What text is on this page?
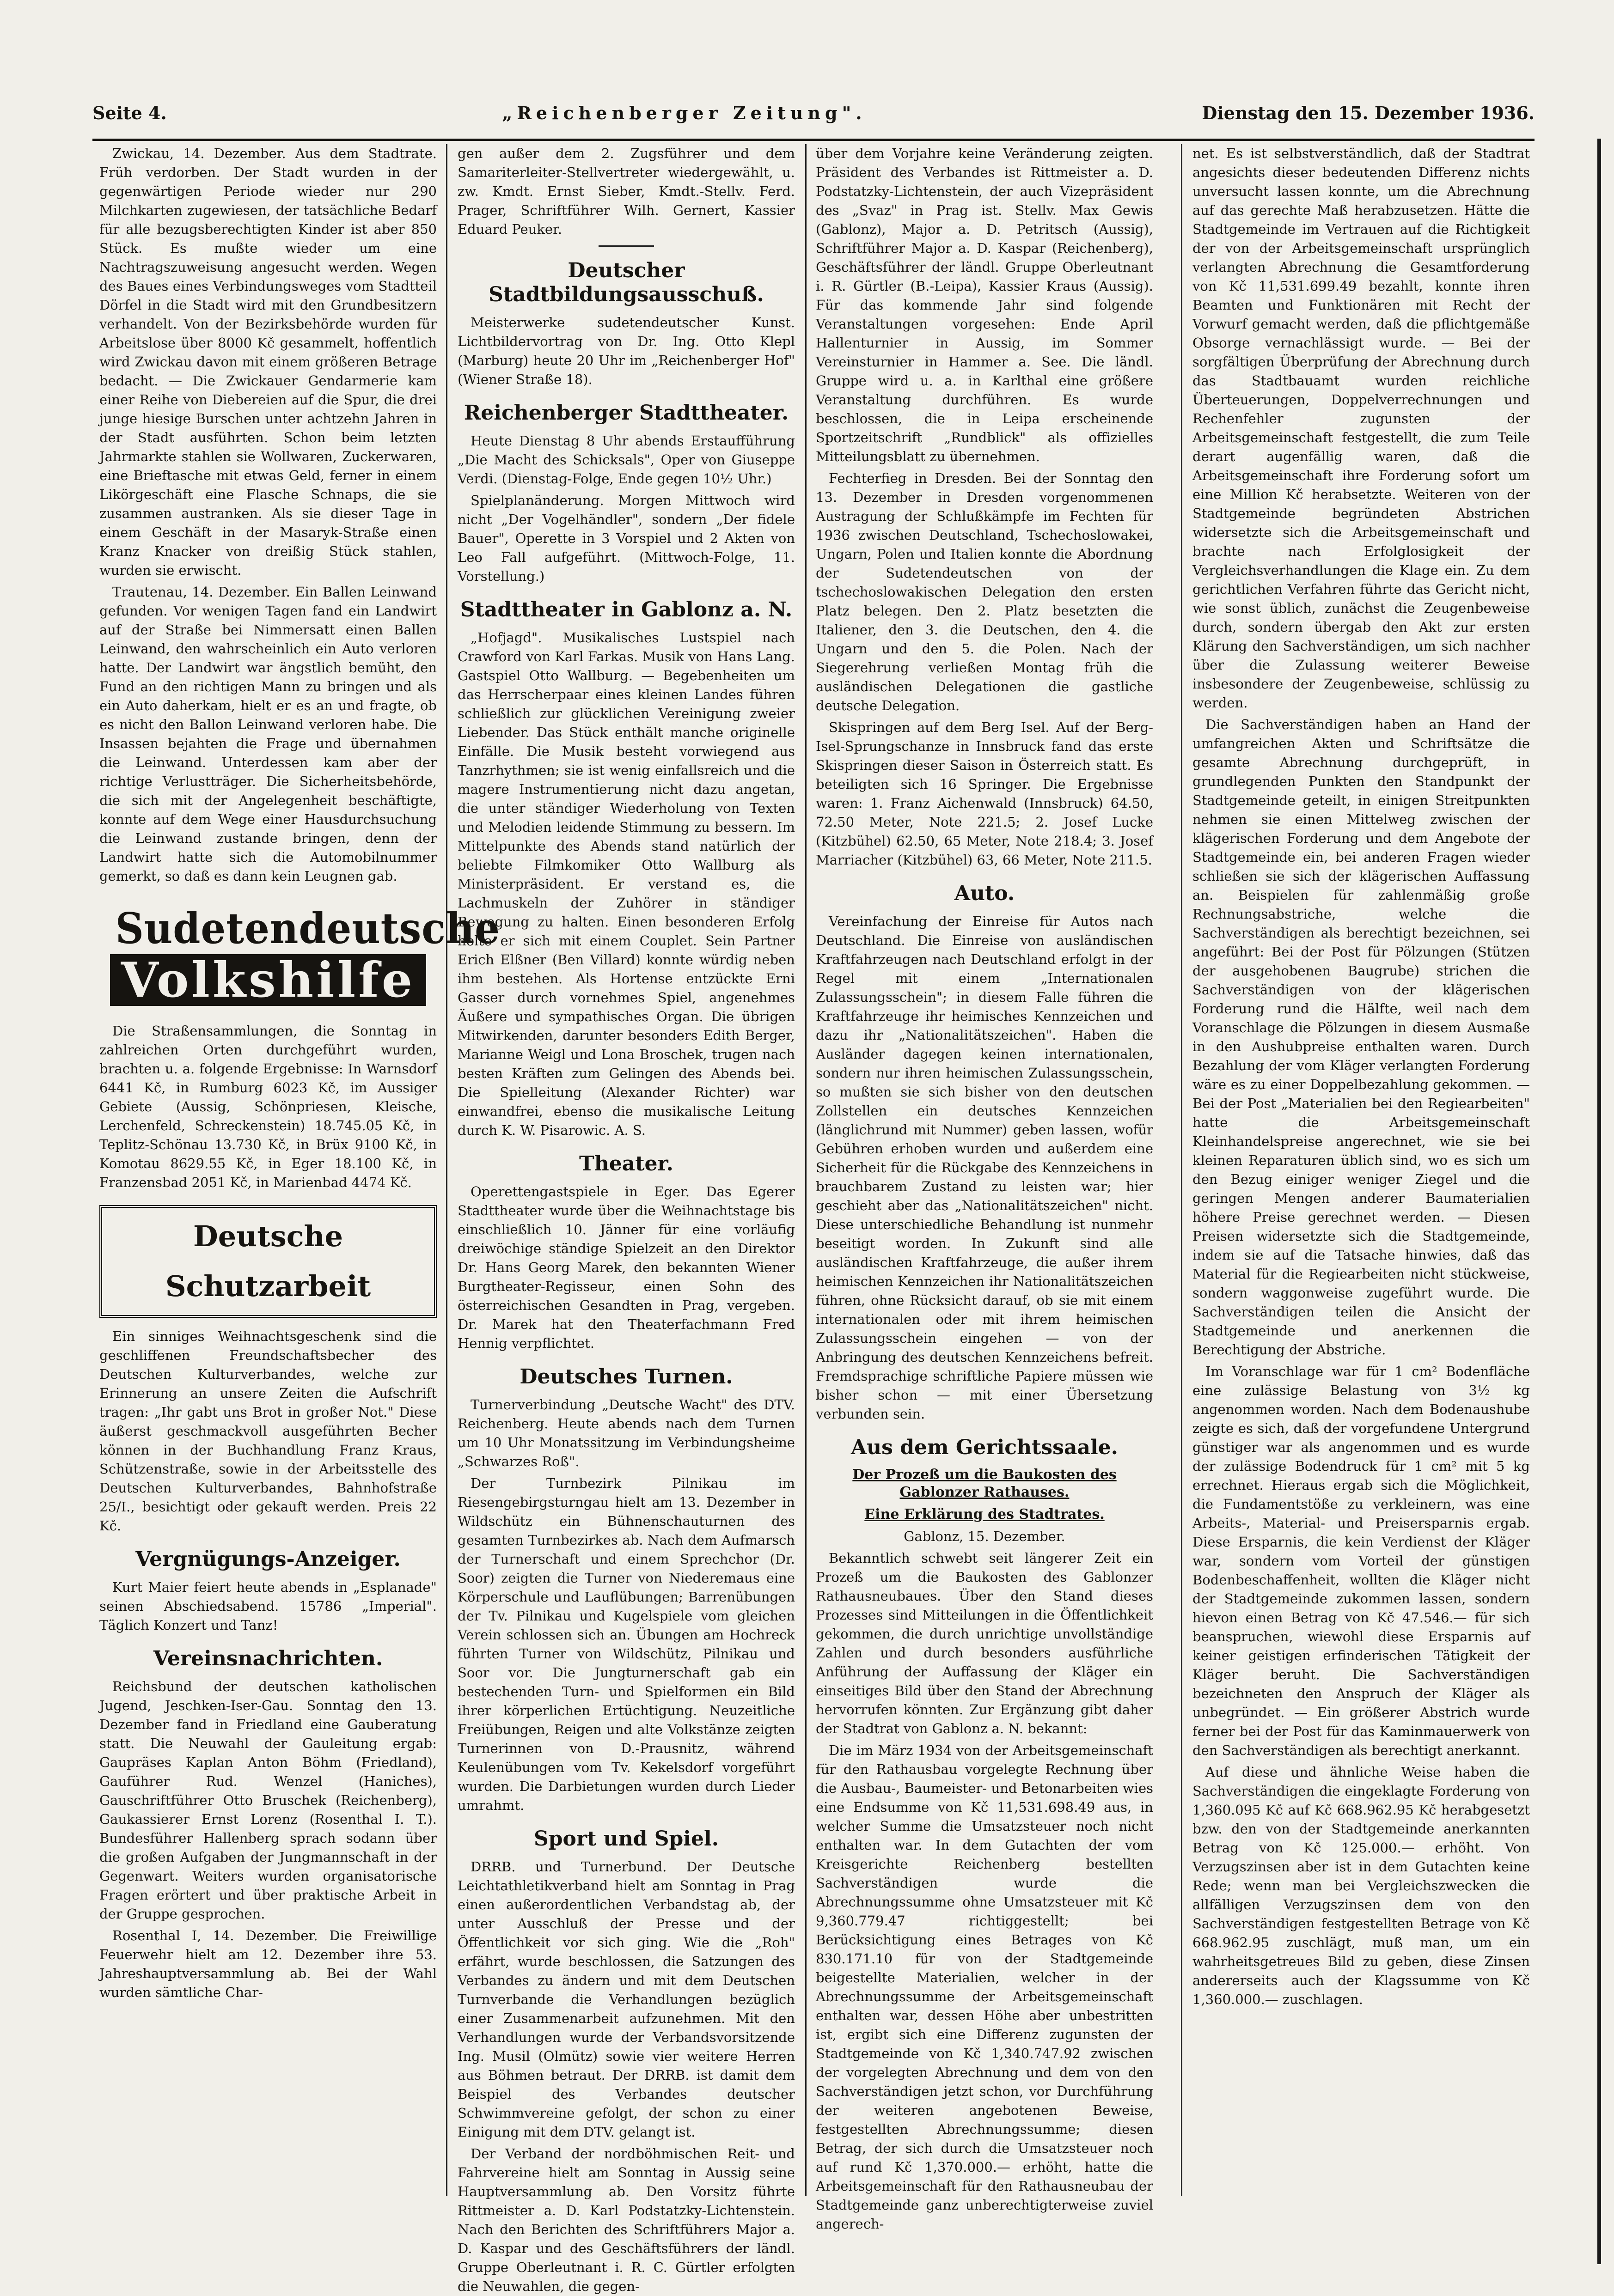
Seite 4.	„Reichenberger Zeitung".	Dienstag den 15. Dezember 1936.

Zwickau, 14. Dezember. Aus dem Stadtrate. Früh verdorben. Der Stadt wurden in der gegenwärtigen Periode wieder nur 290 Milchkarten zugewiesen, der tatsächliche Bedarf für alle bezugsberechtigten Kinder ist aber 850 Stück. Es mußte wieder um eine Nachtragszuweisung angesucht werden. Wegen des Baues eines Verbindungsweges vom Stadtteil Dörfel in die Stadt wird mit den Grundbesitzern verhandelt. Von der Bezirksbehörde wurden für Arbeitslose über 8000 Kč gesammelt, hoffentlich wird Zwickau davon mit einem größeren Betrage bedacht. — Die Zwickauer Gendarmerie kam einer Reihe von Diebereien auf die Spur, die drei junge hiesige Burschen unter achtzehn Jahren in der Stadt ausführten. Schon beim letzten Jahrmarkte stahlen sie Wollwaren, Zuckerwaren, eine Brieftasche mit etwas Geld, ferner in einem Likörgeschäft eine Flasche Schnaps, die sie zusammen austranken. Als sie dieser Tage in einem Geschäft in der Masaryk-Straße einen Kranz Knacker von dreißig Stück stahlen, wurden sie erwischt.

Trautenau, 14. Dezember. Ein Ballen Leinwand gefunden. Vor wenigen Tagen fand ein Landwirt auf der Straße bei Nimmersatt einen Ballen Leinwand, den wahrscheinlich ein Auto verloren hatte. Der Landwirt war ängstlich bemüht, den Fund an den richtigen Mann zu bringen und als ein Auto daherkam, hielt er es an und fragte, ob es nicht den Ballon Leinwand verloren habe. Die Insassen bejahten die Frage und übernahmen die Leinwand. Unterdessen kam aber der richtige Verlustträger. Die Sicherheitsbehörde, die sich mit der Angelegenheit beschäftigte, konnte auf dem Wege einer Hausdurchsuchung die Leinwand zustande bringen, denn der Landwirt hatte sich die Automobilnummer gemerkt, so daß es dann kein Leugnen gab.

Sudetendeutsche
Volkshilfe

Die Straßensammlungen, die Sonntag in zahlreichen Orten durchgeführt wurden, brachten u. a. folgende Ergebnisse: In Warnsdorf 6441 Kč, in Rumburg 6023 Kč, im Aussiger Gebiete (Aussig, Schönpriesen, Kleische, Lerchenfeld, Schreckenstein) 18.745.05 Kč, in Teplitz-Schönau 13.730 Kč, in Brüx 9100 Kč, in Komotau 8629.55 Kč, in Eger 18.100 Kč, in Franzensbad 2051 Kč, in Marienbad 4474 Kč.

Deutsche Schutzarbeit

Ein sinniges Weihnachtsgeschenk sind die geschliffenen Freundschaftsbecher des Deutschen Kulturverbandes, welche zur Erinnerung an unsere Zeiten die Aufschrift tragen: „Ihr gabt uns Brot in großer Not." Diese äußerst geschmackvoll ausgeführten Becher können in der Buchhandlung Franz Kraus, Schützenstraße, sowie in der Arbeitsstelle des Deutschen Kulturverbandes, Bahnhofstraße 25/I., besichtigt oder gekauft werden. Preis 22 Kč.

Vergnügungs-Anzeiger.

Kurt Maier feiert heute abends in „Esplanade" seinen Abschiedsabend. 15786 „Imperial". Täglich Konzert und Tanz!

Vereinsnachrichten.

Reichsbund der deutschen katholischen Jugend, Jeschken-Iser-Gau. Sonntag den 13. Dezember fand in Friedland eine Gauberatung statt. Die Neuwahl der Gauleitung ergab: Gaupräses Kaplan Anton Böhm (Friedland), Gauführer Rud. Wenzel (Haniches), Gauschriftführer Otto Bruschek (Reichenberg), Gaukassierer Ernst Lorenz (Rosenthal I. T.). Bundesführer Hallenberg sprach sodann über die großen Aufgaben der Jungmannschaft in der Gegenwart. Weiters wurden organisatorische Fragen erörtert und über praktische Arbeit in der Gruppe gesprochen.

Rosenthal I, 14. Dezember. Die Freiwillige Feuerwehr hielt am 12. Dezember ihre 53. Jahreshauptversammlung ab. Bei der Wahl wurden sämtliche Char-

gen außer dem 2. Zugsführer und dem Samariterleiter-Stellvertreter wiedergewählt, u. zw. Kmdt. Ernst Sieber, Kmdt.-Stellv. Ferd. Prager, Schriftführer Wilh. Gernert, Kassier Eduard Peuker.

Deutscher Stadtbildungsausschuß.

Meisterwerke sudetendeutscher Kunst. Lichtbildervortrag von Dr. Ing. Otto Klepl (Marburg) heute 20 Uhr im „Reichenberger Hof" (Wiener Straße 18).

Reichenberger Stadttheater.

Heute Dienstag 8 Uhr abends Erstaufführung „Die Macht des Schicksals", Oper von Giuseppe Verdi. (Dienstag-Folge, Ende gegen 10½ Uhr.)

Spielplanänderung. Morgen Mittwoch wird nicht „Der Vogelhändler", sondern „Der fidele Bauer", Operette in 3 Vorspiel und 2 Akten von Leo Fall aufgeführt. (Mittwoch-Folge, 11. Vorstellung.)

Stadttheater in Gablonz a. N.

„Hofjagd". Musikalisches Lustspiel nach Crawford von Karl Farkas. Musik von Hans Lang. Gastspiel Otto Wallburg. — Begebenheiten um das Herrscherpaar eines kleinen Landes führen schließlich zur glücklichen Vereinigung zweier Liebender. Das Stück enthält manche originelle Einfälle. Die Musik besteht vorwiegend aus Tanzrhythmen; sie ist wenig einfallsreich und die magere Instrumentierung nicht dazu angetan, die unter ständiger Wiederholung von Texten und Melodien leidende Stimmung zu bessern. Im Mittelpunkte des Abends stand natürlich der beliebte Filmkomiker Otto Wallburg als Ministerpräsident. Er verstand es, die Lachmuskeln der Zuhörer in ständiger Bewegung zu halten. Einen besonderen Erfolg holte er sich mit einem Couplet. Sein Partner Erich Elßner (Ben Villard) konnte würdig neben ihm bestehen. Als Hortense entzückte Erni Gasser durch vornehmes Spiel, angenehmes Äußere und sympathisches Organ. Die übrigen Mitwirkenden, darunter besonders Edith Berger, Marianne Weigl und Lona Broschek, trugen nach besten Kräften zum Gelingen des Abends bei. Die Spielleitung (Alexander Richter) war einwandfrei, ebenso die musikalische Leitung durch K. W. Pisarowic. A. S.

Theater.

Operettengastspiele in Eger. Das Egerer Stadttheater wurde über die Weihnachtstage bis einschließlich 10. Jänner für eine vorläufig dreiwöchige ständige Spielzeit an den Direktor Dr. Hans Georg Marek, den bekannten Wiener Burgtheater-Regisseur, einen Sohn des österreichischen Gesandten in Prag, vergeben. Dr. Marek hat den Theaterfachmann Fred Hennig verpflichtet.

Deutsches Turnen.

Turnerverbindung „Deutsche Wacht" des DTV. Reichenberg. Heute abends nach dem Turnen um 10 Uhr Monatssitzung im Verbindungsheime „Schwarzes Roß".

Der Turnbezirk Pilnikau im Riesengebirgsturngau hielt am 13. Dezember in Wildschütz ein Bühnenschauturnen des gesamten Turnbezirkes ab. Nach dem Aufmarsch der Turnerschaft und einem Sprechchor (Dr. Soor) zeigten die Turner von Niederemaus eine Körperschule und Lauflübungen; Barrenübungen der Tv. Pilnikau und Kugelspiele vom gleichen Verein schlossen sich an. Übungen am Hochreck führten Turner von Wildschütz, Pilnikau und Soor vor. Die Jungturnerschaft gab ein bestechenden Turn- und Spielformen ein Bild ihrer körperlichen Ertüchtigung. Neuzeitliche Freiübungen, Reigen und alte Volkstänze zeigten Turnerinnen von D.-Prausnitz, während Keulenübungen vom Tv. Kekelsdorf vorgeführt wurden. Die Darbietungen wurden durch Lieder umrahmt.

Sport und Spiel.

DRRB. und Turnerbund. Der Deutsche Leichtathletikverband hielt am Sonntag in Prag einen außerordentlichen Verbandstag ab, der unter Ausschluß der Presse und der Öffentlichkeit vor sich ging. Wie die „Roh" erfährt, wurde beschlossen, die Satzungen des Verbandes zu ändern und mit dem Deutschen Turnverbande die Verhandlungen bezüglich einer Zusammenarbeit aufzunehmen. Mit den Verhandlungen wurde der Verbandsvorsitzende Ing. Musil (Olmütz) sowie vier weitere Herren aus Böhmen betraut. Der DRRB. ist damit dem Beispiel des Verbandes deutscher Schwimmvereine gefolgt, der schon zu einer Einigung mit dem DTV. gelangt ist.

Der Verband der nordböhmischen Reit- und Fahrvereine hielt am Sonntag in Aussig seine Hauptversammlung ab. Den Vorsitz führte Rittmeister a. D. Karl Podstatzky-Lichtenstein. Nach den Berichten des Schriftführers Major a. D. Kaspar und des Geschäftsführers der ländl. Gruppe Oberleutnant i. R. C. Gürtler erfolgten die Neuwahlen, die gegen-

über dem Vorjahre keine Veränderung zeigten. Präsident des Verbandes ist Rittmeister a. D. Podstatzky-Lichtenstein, der auch Vizepräsident des „Svaz" in Prag ist. Stellv. Max Gewis (Gablonz), Major a. D. Petritsch (Aussig), Schriftführer Major a. D. Kaspar (Reichenberg), Geschäftsführer der ländl. Gruppe Oberleutnant i. R. Gürtler (B.-Leipa), Kassier Kraus (Aussig). Für das kommende Jahr sind folgende Veranstaltungen vorgesehen: Ende April Hallenturnier in Aussig, im Sommer Vereinsturnier in Hammer a. See. Die ländl. Gruppe wird u. a. in Karlthal eine größere Veranstaltung durchführen. Es wurde beschlossen, die in Leipa erscheinende Sportzeitschrift „Rundblick" als offizielles Mitteilungsblatt zu übernehmen.

Fechterfieg in Dresden. Bei der Sonntag den 13. Dezember in Dresden vorgenommenen Austragung der Schlußkämpfe im Fechten für 1936 zwischen Deutschland, Tschechoslowakei, Ungarn, Polen und Italien konnte die Abordnung der Sudetendeutschen von der tschechoslowakischen Delegation den ersten Platz belegen. Den 2. Platz besetzten die Italiener, den 3. die Deutschen, den 4. die Ungarn und den 5. die Polen. Nach der Siegerehrung verließen Montag früh die ausländischen Delegationen die gastliche deutsche Delegation.

Skispringen auf dem Berg Isel. Auf der Berg-Isel-Sprungschanze in Innsbruck fand das erste Skispringen dieser Saison in Österreich statt. Es beteiligten sich 16 Springer. Die Ergebnisse waren: 1. Franz Aichenwald (Innsbruck) 64.50, 72.50 Meter, Note 221.5; 2. Josef Lucke (Kitzbühel) 62.50, 65 Meter, Note 218.4; 3. Josef Marriacher (Kitzbühel) 63, 66 Meter, Note 211.5.

Auto.

Vereinfachung der Einreise für Autos nach Deutschland. Die Einreise von ausländischen Kraftfahrzeugen nach Deutschland erfolgt in der Regel mit einem „Internationalen Zulassungsschein"; in diesem Falle führen die Kraftfahrzeuge ihr heimisches Kennzeichen und dazu ihr „Nationalitätszeichen". Haben die Ausländer dagegen keinen internationalen, sondern nur ihren heimischen Zulassungsschein, so mußten sie sich bisher von den deutschen Zollstellen ein deutsches Kennzeichen (länglichrund mit Nummer) geben lassen, wofür Gebühren erhoben wurden und außerdem eine Sicherheit für die Rückgabe des Kennzeichens in brauchbarem Zustand zu leisten war; hier geschieht aber das „Nationalitätszeichen" nicht. Diese unterschiedliche Behandlung ist nunmehr beseitigt worden. In Zukunft sind alle ausländischen Kraftfahrzeuge, die außer ihrem heimischen Kennzeichen ihr Nationalitätszeichen führen, ohne Rücksicht darauf, ob sie mit einem internationalen oder mit ihrem heimischen Zulassungsschein eingehen — von der Anbringung des deutschen Kennzeichens befreit. Fremdsprachige schriftliche Papiere müssen wie bisher schon — mit einer Übersetzung verbunden sein.

Aus dem Gerichtssaale.
Der Prozeß um die Baukosten des Gablonzer Rathauses.
Eine Erklärung des Stadtrates.

Gablonz, 15. Dezember.

Bekanntlich schwebt seit längerer Zeit ein Prozeß um die Baukosten des Gablonzer Rathausneubaues. Über den Stand dieses Prozesses sind Mitteilungen in die Öffentlichkeit gekommen, die durch unrichtige unvollständige Zahlen und durch besonders ausführliche Anführung der Auffassung der Kläger ein einseitiges Bild über den Stand der Abrechnung hervorrufen könnten. Zur Ergänzung gibt daher der Stadtrat von Gablonz a. N. bekannt:

Die im März 1934 von der Arbeitsgemeinschaft für den Rathausbau vorgelegte Rechnung über die Ausbau-, Baumeister- und Betonarbeiten wies eine Endsumme von Kč 11,531.698.49 aus, in welcher Summe die Umsatzsteuer noch nicht enthalten war. In dem Gutachten der vom Kreisgerichte Reichenberg bestellten Sachverständigen wurde die Abrechnungssumme ohne Umsatzsteuer mit Kč 9,360.779.47 richtiggestellt; bei Berücksichtigung eines Betrages von Kč 830.171.10 für von der Stadtgemeinde beigestellte Materialien, welcher in der Abrechnungssumme der Arbeitsgemeinschaft enthalten war, dessen Höhe aber unbestritten ist, ergibt sich eine Differenz zugunsten der Stadtgemeinde von Kč 1,340.747.92 zwischen der vorgelegten Abrechnung und dem von den Sachverständigen jetzt schon, vor Durchführung der weiteren angebotenen Beweise, festgestellten Abrechnungssumme; diesen Betrag, der sich durch die Umsatzsteuer noch auf rund Kč 1,370.000.— erhöht, hatte die Arbeitsgemeinschaft für den Rathausneubau der Stadtgemeinde ganz unberechtigterweise zuviel angerech-

net. Es ist selbstverständlich, daß der Stadtrat angesichts dieser bedeutenden Differenz nichts unversucht lassen konnte, um die Abrechnung auf das gerechte Maß herabzusetzen. Hätte die Stadtgemeinde im Vertrauen auf die Richtigkeit der von der Arbeitsgemeinschaft ursprünglich verlangten Abrechnung die Gesamtforderung von Kč 11,531.699.49 bezahlt, konnte ihren Beamten und Funktionären mit Recht der Vorwurf gemacht werden, daß die pflichtgemäße Obsorge vernachlässigt wurde. — Bei der sorgfältigen Überprüfung der Abrechnung durch das Stadtbauamt wurden reichliche Überteuerungen, Doppelverrechnungen und Rechenfehler zugunsten der Arbeitsgemeinschaft festgestellt, die zum Teile derart augenfällig waren, daß die Arbeitsgemeinschaft ihre Forderung sofort um eine Million Kč herabsetzte. Weiteren von der Stadtgemeinde begründeten Abstrichen widersetzte sich die Arbeitsgemeinschaft und brachte nach Erfolglosigkeit der Vergleichsverhandlungen die Klage ein. Zu dem gerichtlichen Verfahren führte das Gericht nicht, wie sonst üblich, zunächst die Zeugenbeweise durch, sondern übergab den Akt zur ersten Klärung den Sachverständigen, um sich nachher über die Zulassung weiterer Beweise insbesondere der Zeugenbeweise, schlüssig zu werden.

Die Sachverständigen haben an Hand der umfangreichen Akten und Schriftsätze die gesamte Abrechnung durchgeprüft, in grundlegenden Punkten den Standpunkt der Stadtgemeinde geteilt, in einigen Streitpunkten nehmen sie einen Mittelweg zwischen der klägerischen Forderung und dem Angebote der Stadtgemeinde ein, bei anderen Fragen wieder schließen sie sich der klägerischen Auffassung an. Beispielen für zahlenmäßig große Rechnungsabstriche, welche die Sachverständigen als berechtigt bezeichnen, sei angeführt: Bei der Post für Pölzungen (Stützen der ausgehobenen Baugrube) strichen die Sachverständigen von der klägerischen Forderung rund die Hälfte, weil nach dem Voranschlage die Pölzungen in diesem Ausmaße in den Aushubpreise enthalten waren. Durch Bezahlung der vom Kläger verlangten Forderung wäre es zu einer Doppelbezahlung gekommen. — Bei der Post „Materialien bei den Regiearbeiten" hatte die Arbeitsgemeinschaft Kleinhandelspreise angerechnet, wie sie bei kleinen Reparaturen üblich sind, wo es sich um den Bezug einiger weniger Ziegel und die geringen Mengen anderer Baumaterialien höhere Preise gerechnet werden. — Diesen Preisen widersetzte sich die Stadtgemeinde, indem sie auf die Tatsache hinwies, daß das Material für die Regiearbeiten nicht stückweise, sondern waggonweise zugeführt wurde. Die Sachverständigen teilen die Ansicht der Stadtgemeinde und anerkennen die Berechtigung der Abstriche.

Im Voranschlage war für 1 cm² Bodenfläche eine zulässige Belastung von 3½ kg angenommen worden. Nach dem Bodenaushube zeigte es sich, daß der vorgefundene Untergrund günstiger war als angenommen und es wurde der zulässige Bodendruck für 1 cm² mit 5 kg errechnet. Hieraus ergab sich die Möglichkeit, die Fundamentstöße zu verkleinern, was eine Arbeits-, Material- und Preisersparnis ergab. Diese Ersparnis, die kein Verdienst der Kläger war, sondern vom Vorteil der günstigen Bodenbeschaffenheit, wollten die Kläger nicht der Stadtgemeinde zukommen lassen, sondern hievon einen Betrag von Kč 47.546.— für sich beanspruchen, wiewohl diese Ersparnis auf keiner geistigen erfinderischen Tätigkeit der Kläger beruht. Die Sachverständigen bezeichneten den Anspruch der Kläger als unbegründet. — Ein größerer Abstrich wurde ferner bei der Post für das Kaminmauerwerk von den Sachverständigen als berechtigt anerkannt.

Auf diese und ähnliche Weise haben die Sachverständigen die eingeklagte Forderung von 1,360.095 Kč auf Kč 668.962.95 Kč herabgesetzt bzw. den von der Stadtgemeinde anerkannten Betrag von Kč 125.000.— erhöht. Von Verzugszinsen aber ist in dem Gutachten keine Rede; wenn man bei Vergleichszwecken die allfälligen Verzugszinsen dem von den Sachverständigen festgestellten Betrage von Kč 668.962.95 zuschlägt, muß man, um ein wahrheitsgetreues Bild zu geben, diese Zinsen andererseits auch der Klagssumme von Kč 1,360.000.— zuschlagen.
